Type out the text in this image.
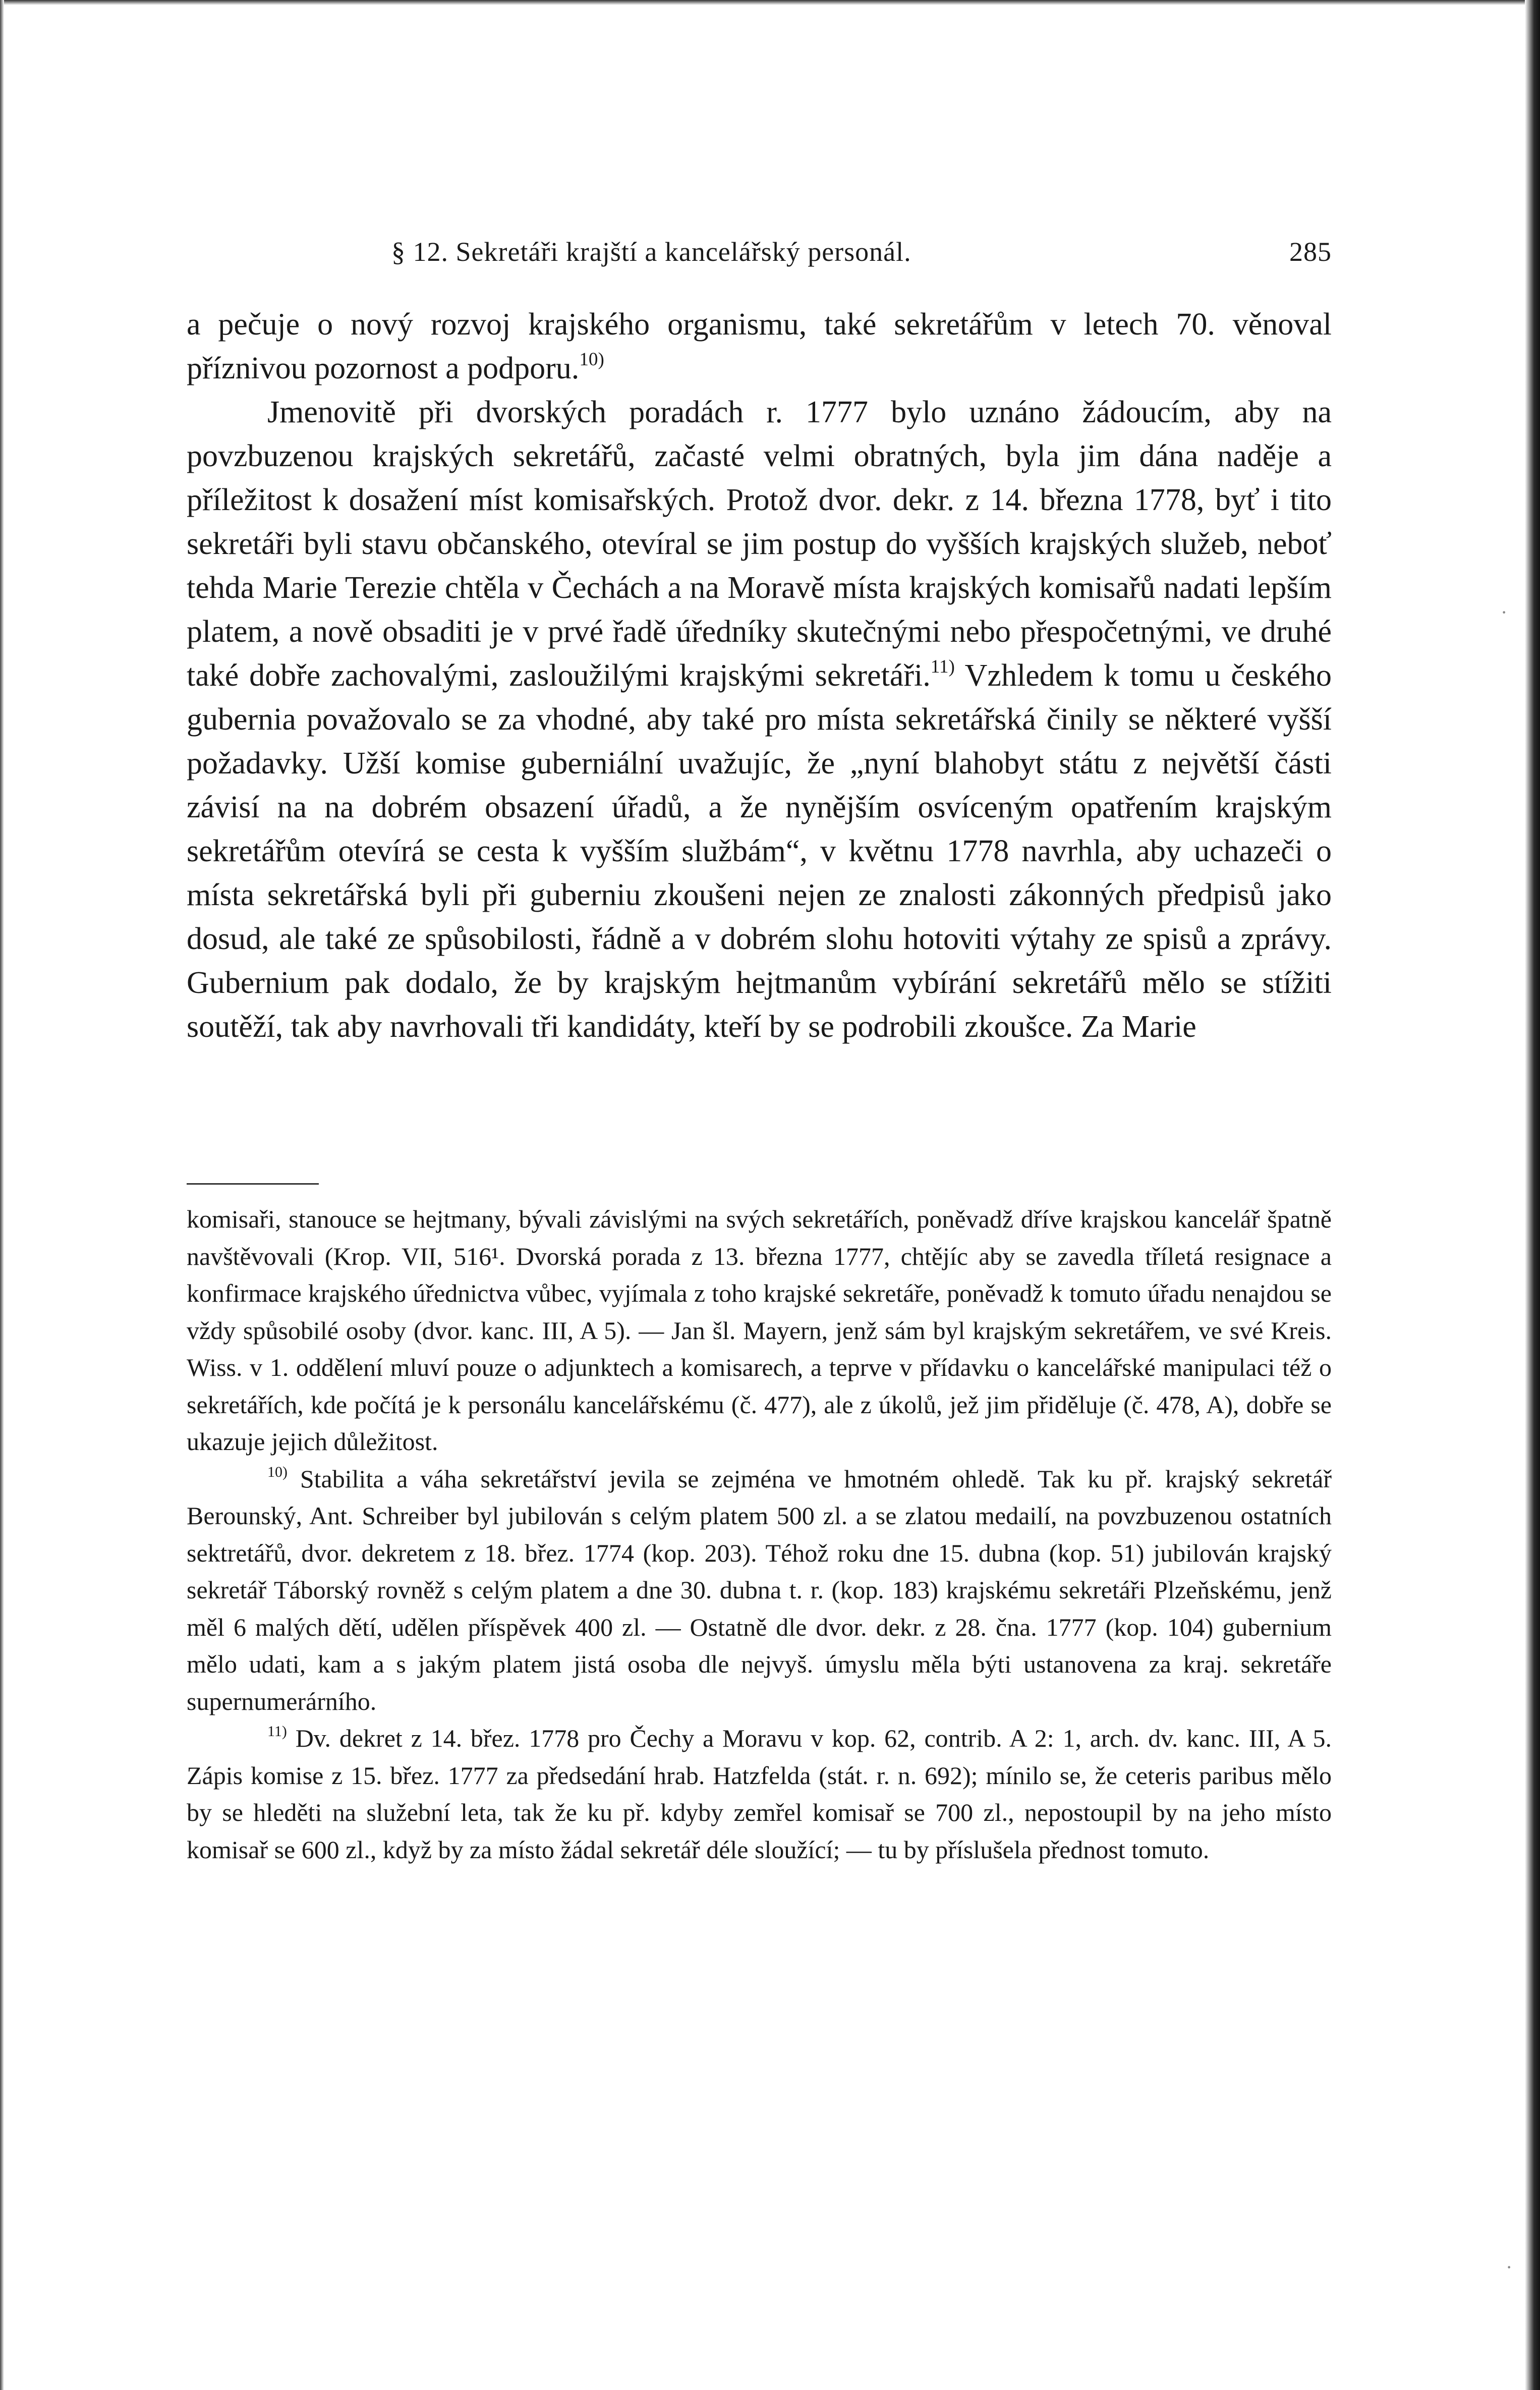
§ 12. Sekretáři krajští a kancelářský personál.	285

a pečuje o nový rozvoj krajského organismu, také sekretářům v letech 70. věnoval příznivou pozornost a podporu.$^{10)}$

Jmenovitě při dvorských poradách r. 1777 bylo uznáno žádoucím, aby na povzbuzenou krajských sekretářů, začasté velmi obratných, byla jim dána naděje a příležitost k dosažení míst komisařských. Protož dvor. dekr. z 14. března 1778, byť i tito sekretáři byli stavu občanského, otevíral se jim postup do vyšších krajských služeb, neboť tehda Marie Terezie chtěla v Čechách a na Moravě místa krajských komisařů nadati lepším platem, a nově obsaditi je v prvé řadě úředníky skutečnými nebo přespočetnými, ve druhé také dobře zachovalými, zasloužilými krajskými sekretáři.$^{11)}$ Vzhledem k tomu u českého gubernia považovalo se za vhodné, aby také pro místa sekretářská činily se některé vyšší požadavky. Užší komise guberniální uvažujíc, že „nyní blahobyt státu z největší části závisí na na dobrém obsazení úřadů, a že nynějším osvíceným opatřením krajským sekretářům otevírá se cesta k vyšším službám“, v květnu 1778 navrhla, aby uchazeči o místa sekretářská byli při guberniu zkoušeni nejen ze znalosti zákonných předpisů jako dosud, ale také ze spůsobilosti, řádně a v dobrém slohu hotoviti výtahy ze spisů a zprávy. Gubernium pak dodalo, že by krajským hejtmanům vybírání sekretářů mělo se stížiti soutěží, tak aby navrhovali tři kandidáty, kteří by se podrobili zkoušce. Za Marie

komisaři, stanouce se hejtmany, bývali závislými na svých sekretářích, poněvadž dříve krajskou kancelář špatně navštěvovali (Krop. VII, 516¹. Dvorská porada z 13. března 1777, chtějíc aby se zavedla tříletá resignace a konfirmace krajského úřednictva vůbec, vyjímala z toho krajské sekretáře, poněvadž k tomuto úřadu nenajdou se vždy spůsobilé osoby (dvor. kanc. III, A 5). — Jan šl. Mayern, jenž sám byl krajským sekretářem, ve své Kreis. Wiss. v 1. oddělení mluví pouze o adjunktech a komisarech, a teprve v přídavku o kancelářské manipulaci též o sekretářích, kde počítá je k personálu kancelářskému (č. 477), ale z úkolů, jež jim přiděluje (č. 478, A), dobře se ukazuje jejich důležitost.

$^{10)}$ Stabilita a váha sekretářství jevila se zejména ve hmotném ohledě. Tak ku př. krajský sekretář Berounský, Ant. Schreiber byl jubilován s celým platem 500 zl. a se zlatou medailí, na povzbuzenou ostatních sektretářů, dvor. dekretem z 18. břez. 1774 (kop. 203). Téhož roku dne 15. dubna (kop. 51) jubilován krajský sekretář Táborský rovněž s celým platem a dne 30. dubna t. r. (kop. 183) krajskému sekretáři Plzeňskému, jenž měl 6 malých dětí, udělen příspěvek 400 zl. — Ostatně dle dvor. dekr. z 28. čna. 1777 (kop. 104) gubernium mělo udati, kam a s jakým platem jistá osoba dle nejvyš. úmyslu měla býti ustanovena za kraj. sekretáře supernumerárního.

$^{11)}$ Dv. dekret z 14. břez. 1778 pro Čechy a Moravu v kop. 62, contrib. A 2: 1, arch. dv. kanc. III, A 5. Zápis komise z 15. břez. 1777 za předsedání hrab. Hatzfelda (stát. r. n. 692); mínilo se, že ceteris paribus mělo by se hleděti na služební leta, tak že ku př. kdyby zemřel komisař se 700 zl., nepostoupil by na jeho místo komisař se 600 zl., když by za místo žádal sekretář déle sloužící; — tu by příslušela přednost tomuto.

·
·
